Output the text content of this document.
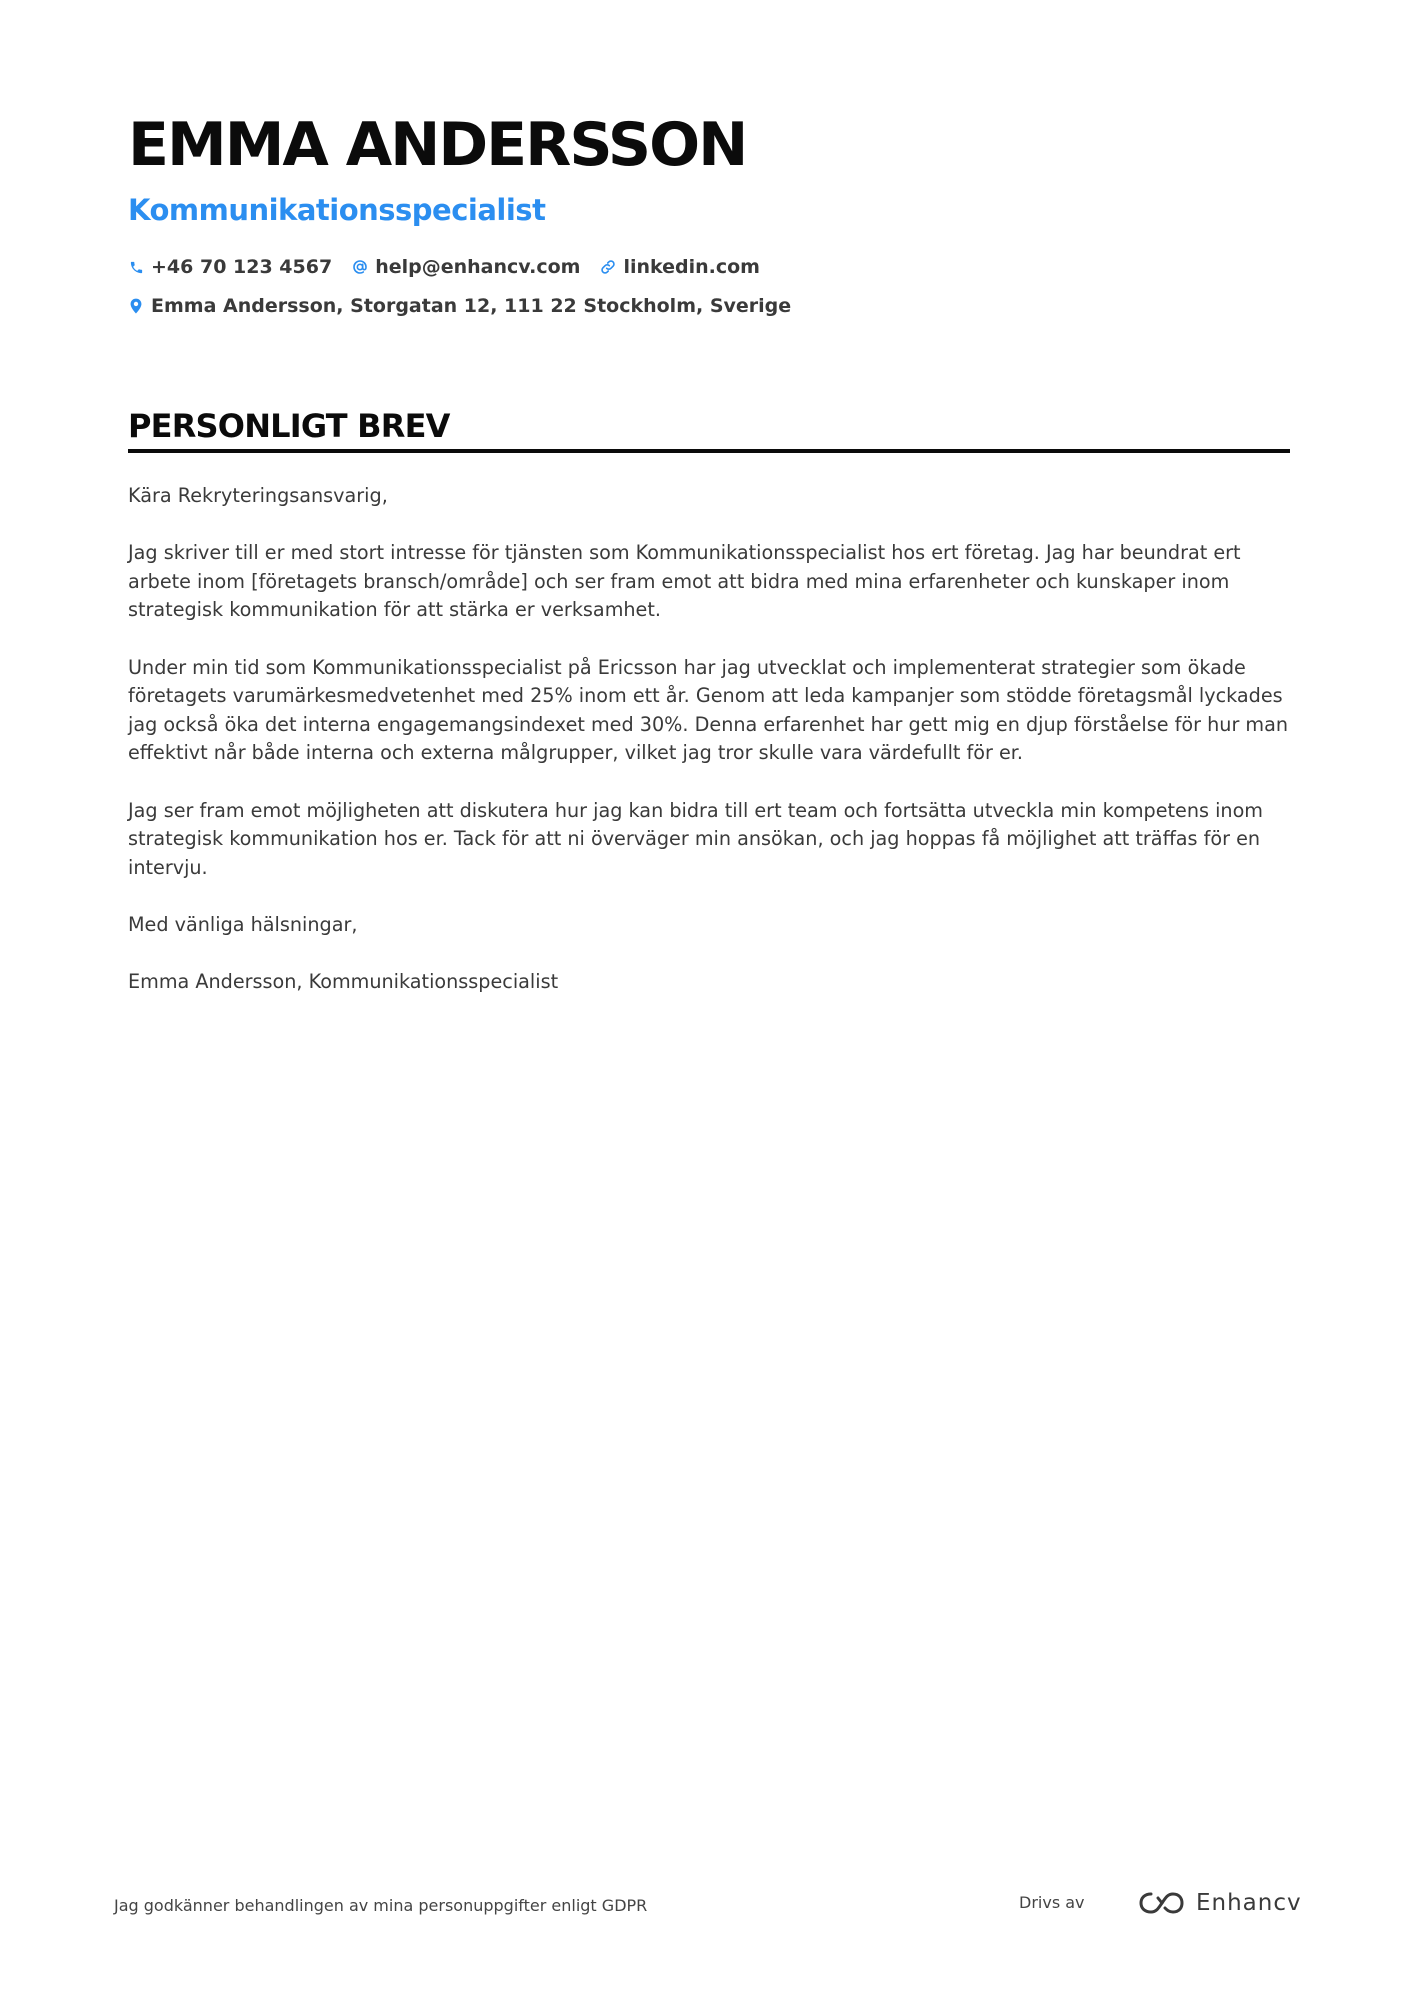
EMMA ANDERSSON
Kommunikationsspecialist
+46 70 123 4567 help@enhancv.com linkedin.com
Emma Andersson, Storgatan 12, 111 22 Stockholm, Sverige
PERSONLIGT BREV

Kära Rekryteringsansvarig,

Jag skriver till er med stort intresse för tjänsten som Kommunikationsspecialist hos ert företag. Jag har beundrat ert arbete inom [företagets bransch/område] och ser fram emot att bidra med mina erfarenheter och kunskaper inom strategisk kommunikation för att stärka er verksamhet.

Under min tid som Kommunikationsspecialist på Ericsson har jag utvecklat och implementerat strategier som ökade företagets varumärkesmedvetenhet med 25% inom ett år. Genom att leda kampanjer som stödde företagsmål lyckades jag också öka det interna engagemangsindexet med 30%. Denna erfarenhet har gett mig en djup förståelse för hur man effektivt når både interna och externa målgrupper, vilket jag tror skulle vara värdefullt för er.

Jag ser fram emot möjligheten att diskutera hur jag kan bidra till ert team och fortsätta utveckla min kompetens inom strategisk kommunikation hos er. Tack för att ni överväger min ansökan, och jag hoppas få möjlighet att träffas för en intervju.

Med vänliga hälsningar,

Emma Andersson, Kommunikationsspecialist

Jag godkänner behandlingen av mina personuppgifter enligt GDPR	Drivs av	Enhancv
